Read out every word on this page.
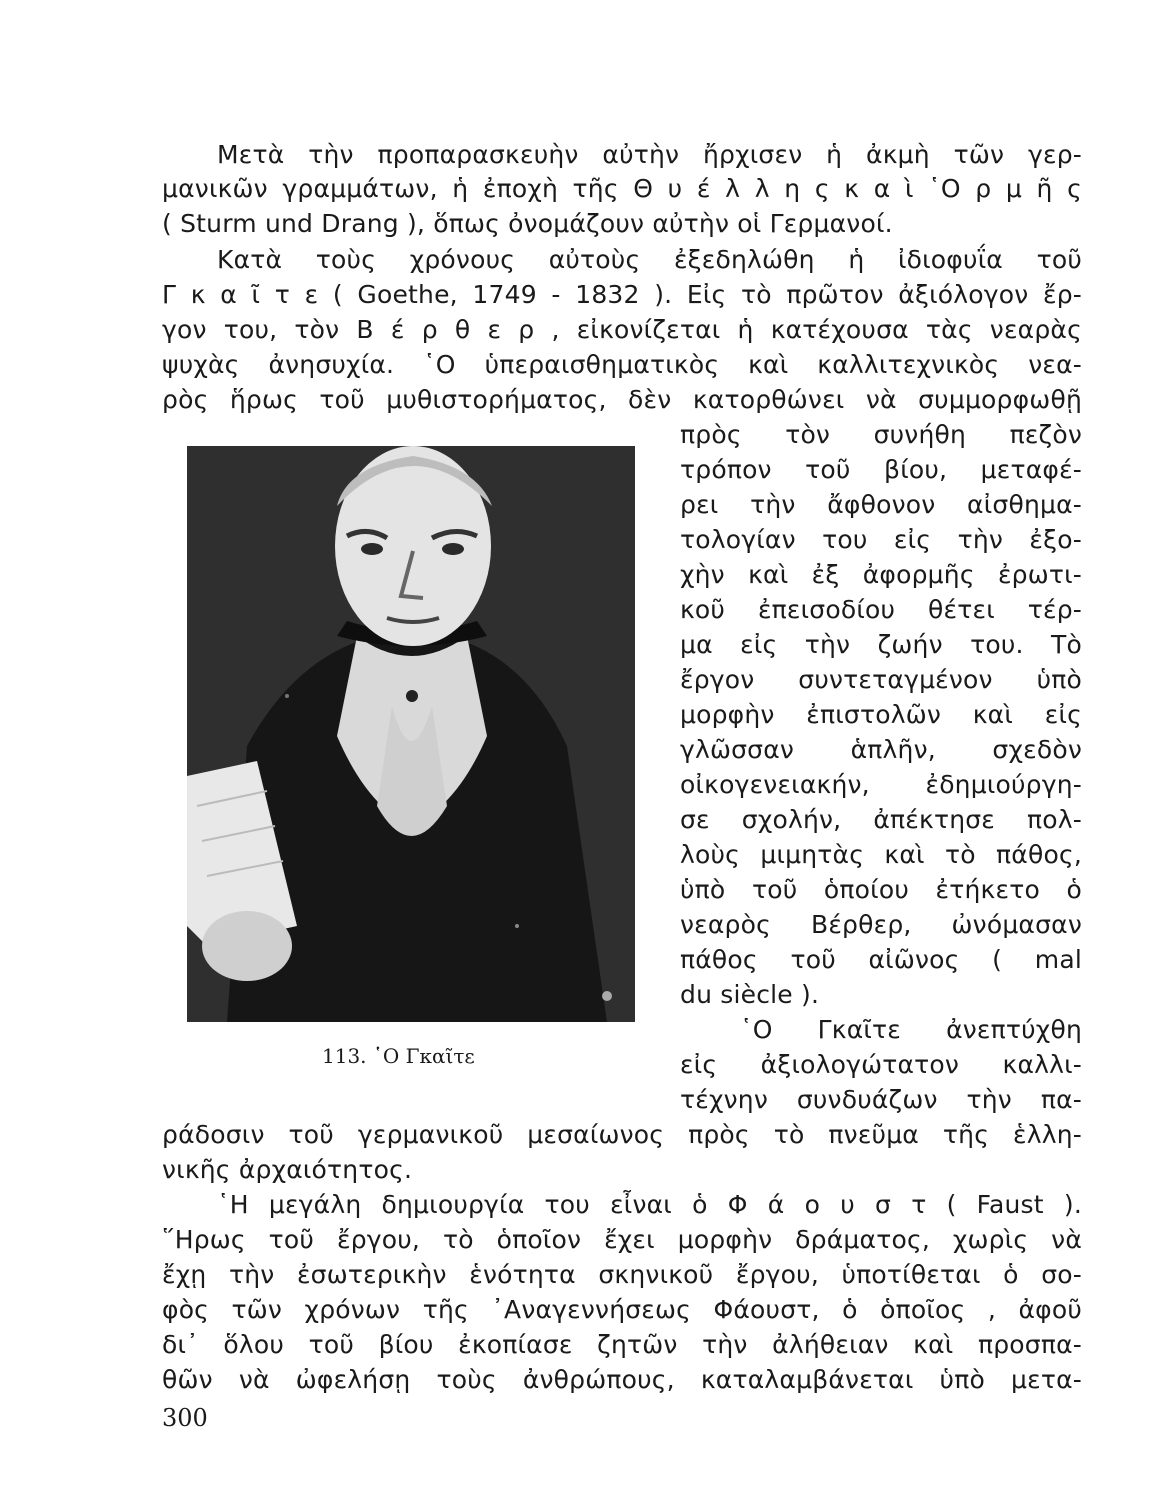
Μετὰ τὴν προπαρασκευὴν αὐτὴν ἤρχισεν ἡ ἀκμὴ τῶν γερ-
μανικῶν γραμμάτων, ἡ ἐποχὴ τῆς Θ υ έ λ λ η ς κ α ὶ ῾Ο ρ μ ῆ ς
( Sturm und Drang ), ὅπως ὀνομάζουν αὐτὴν οἱ Γερμανοί.
Κατὰ τοὺς χρόνους αὐτοὺς ἐξεδηλώθη ἡ ἰδιοφυΐα τοῦ
Γ κ α ῖ τ ε ( Goethe, 1749 - 1832 ). Εἰς τὸ πρῶτον ἀξιόλογον ἔρ-
γον του, τὸν Β έ ρ θ ε ρ , εἰκονίζεται ἡ κατέχουσα τὰς νεαρὰς
ψυχὰς ἀνησυχία. ῾Ο ὑπεραισθηματικὸς καὶ καλλιτεχνικὸς νεα-
ρὸς ἥρως τοῦ μυθιστορήματος, δὲν κατορθώνει νὰ συμμορφωθῇ
πρὸς τὸν συνήθη πεζὸν
τρόπον τοῦ βίου, μεταφέ-
ρει τὴν ἄφθονον αἰσθημα-
τολογίαν του εἰς τὴν ἐξο-
χὴν καὶ ἐξ ἀφορμῆς ἐρωτι-
κοῦ ἐπεισοδίου θέτει τέρ-
μα εἰς τὴν ζωήν του. Τὸ
ἔργον συντεταγμένον ὑπὸ
μορφὴν ἐπιστολῶν καὶ εἰς
γλῶσσαν ἁπλῆν, σχεδὸν
οἰκογενειακήν, ἐδημιούργη-
σε σχολήν, ἀπέκτησε πολ-
λοὺς μιμητὰς καὶ τὸ πάθος,
ὑπὸ τοῦ ὁποίου ἐτήκετο ὁ
νεαρὸς Βέρθερ, ὠνόμασαν
πάθος τοῦ αἰῶνος ( mal
du siècle ).
῾Ο Γκαῖτε ἀνεπτύχθη
εἰς ἀξιολογώτατον καλλι-
τέχνην συνδυάζων τὴν πα-
113. ῾Ο Γκαῖτε
ράδοσιν τοῦ γερμανικοῦ μεσαίωνος πρὸς τὸ πνεῦμα τῆς ἑλλη-
νικῆς ἀρχαιότητος.
῾Η μεγάλη δημιουργία του εἶναι ὁ Φ ά ο υ σ τ ( Faust ).
῞Ηρως τοῦ ἔργου, τὸ ὁποῖον ἔχει μορφὴν δράματος, χωρὶς νὰ
ἔχῃ τὴν ἐσωτερικὴν ἑνότητα σκηνικοῦ ἔργου, ὑποτίθεται ὁ σο-
φὸς τῶν χρόνων τῆς ᾿Αναγεννήσεως Φάουστ, ὁ ὁποῖος , ἀφοῦ
δι᾿ ὅλου τοῦ βίου ἐκοπίασε ζητῶν τὴν ἀλήθειαν καὶ προσπα-
θῶν νὰ ὠφελήσῃ τοὺς ἀνθρώπους, καταλαμβάνεται ὑπὸ μετα-
300
